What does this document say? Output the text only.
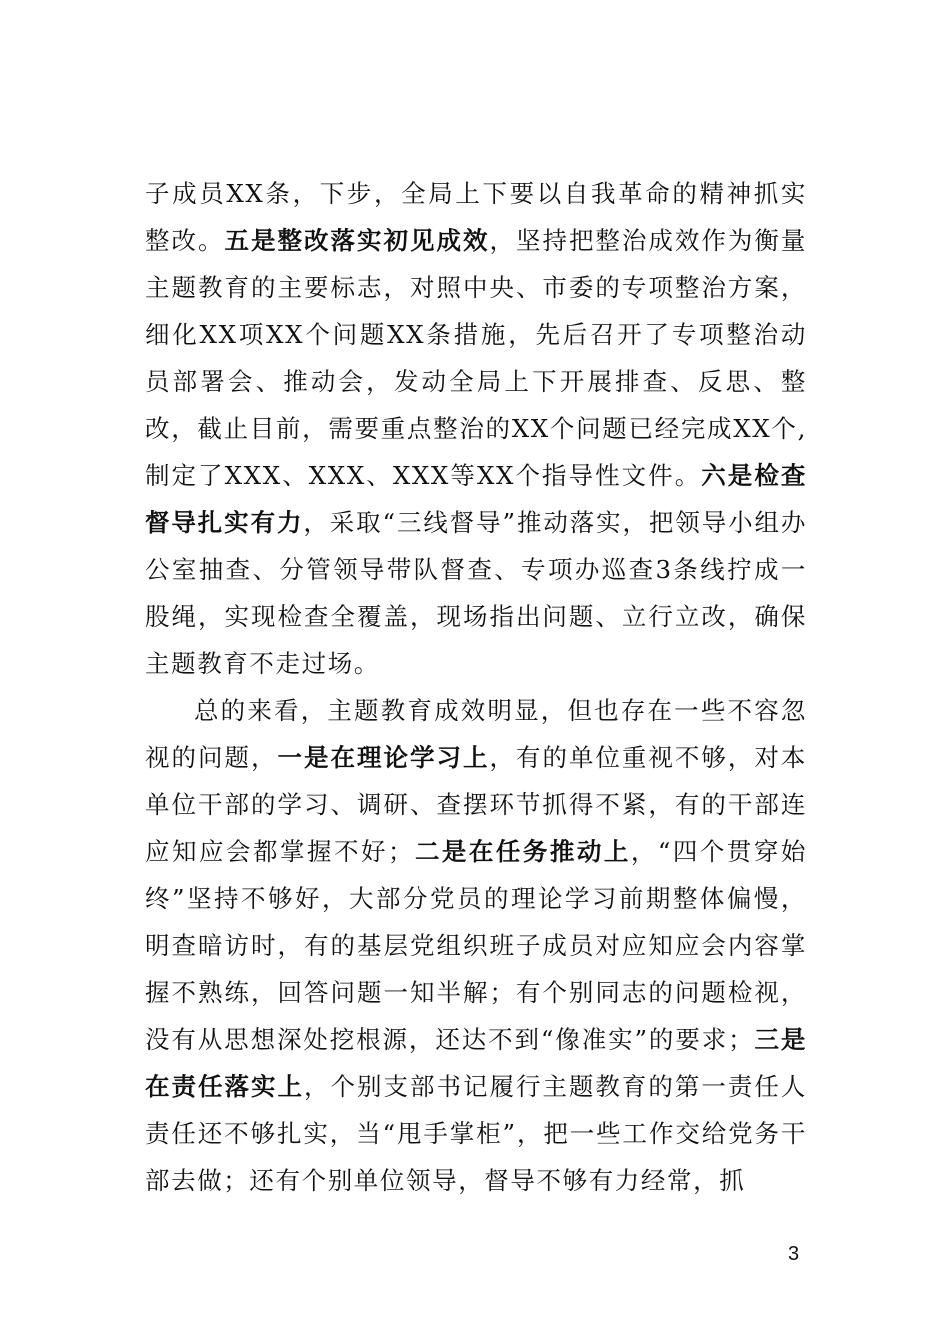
子成员XX条，下步，全局上下要以自我革命的精神抓实整改。五是整改落实初见成效，坚持把整治成效作为衡量主题教育的主要标志，对照中央、市委的专项整治方案，细化XX项XX个问题XX条措施，先后召开了专项整治动员部署会、推动会，发动全局上下开展排查、反思、整改，截止目前，需要重点整治的XX个问题已经完成XX个,制定了XXX、XXX、XXX等XX个指导性文件。六是检查督导扎实有力，采取“三线督导”推动落实，把领导小组办公室抽查、分管领导带队督查、专项办巡查3条线拧成一股绳，实现检查全覆盖，现场指出问题、立行立改，确保主题教育不走过场。

总的来看，主题教育成效明显，但也存在一些不容忽视的问题，一是在理论学习上，有的单位重视不够，对本单位干部的学习、调研、查摆环节抓得不紧，有的干部连应知应会都掌握不好；二是在任务推动上，“四个贯穿始终”坚持不够好，大部分党员的理论学习前期整体偏慢，明查暗访时，有的基层党组织班子成员对应知应会内容掌握不熟练，回答问题一知半解；有个别同志的问题检视，没有从思想深处挖根源，还达不到“像准实”的要求；三是在责任落实上，个别支部书记履行主题教育的第一责任人责任还不够扎实，当“甩手掌柜”，把一些工作交给党务干部去做；还有个别单位领导，督导不够有力经常，抓

3
